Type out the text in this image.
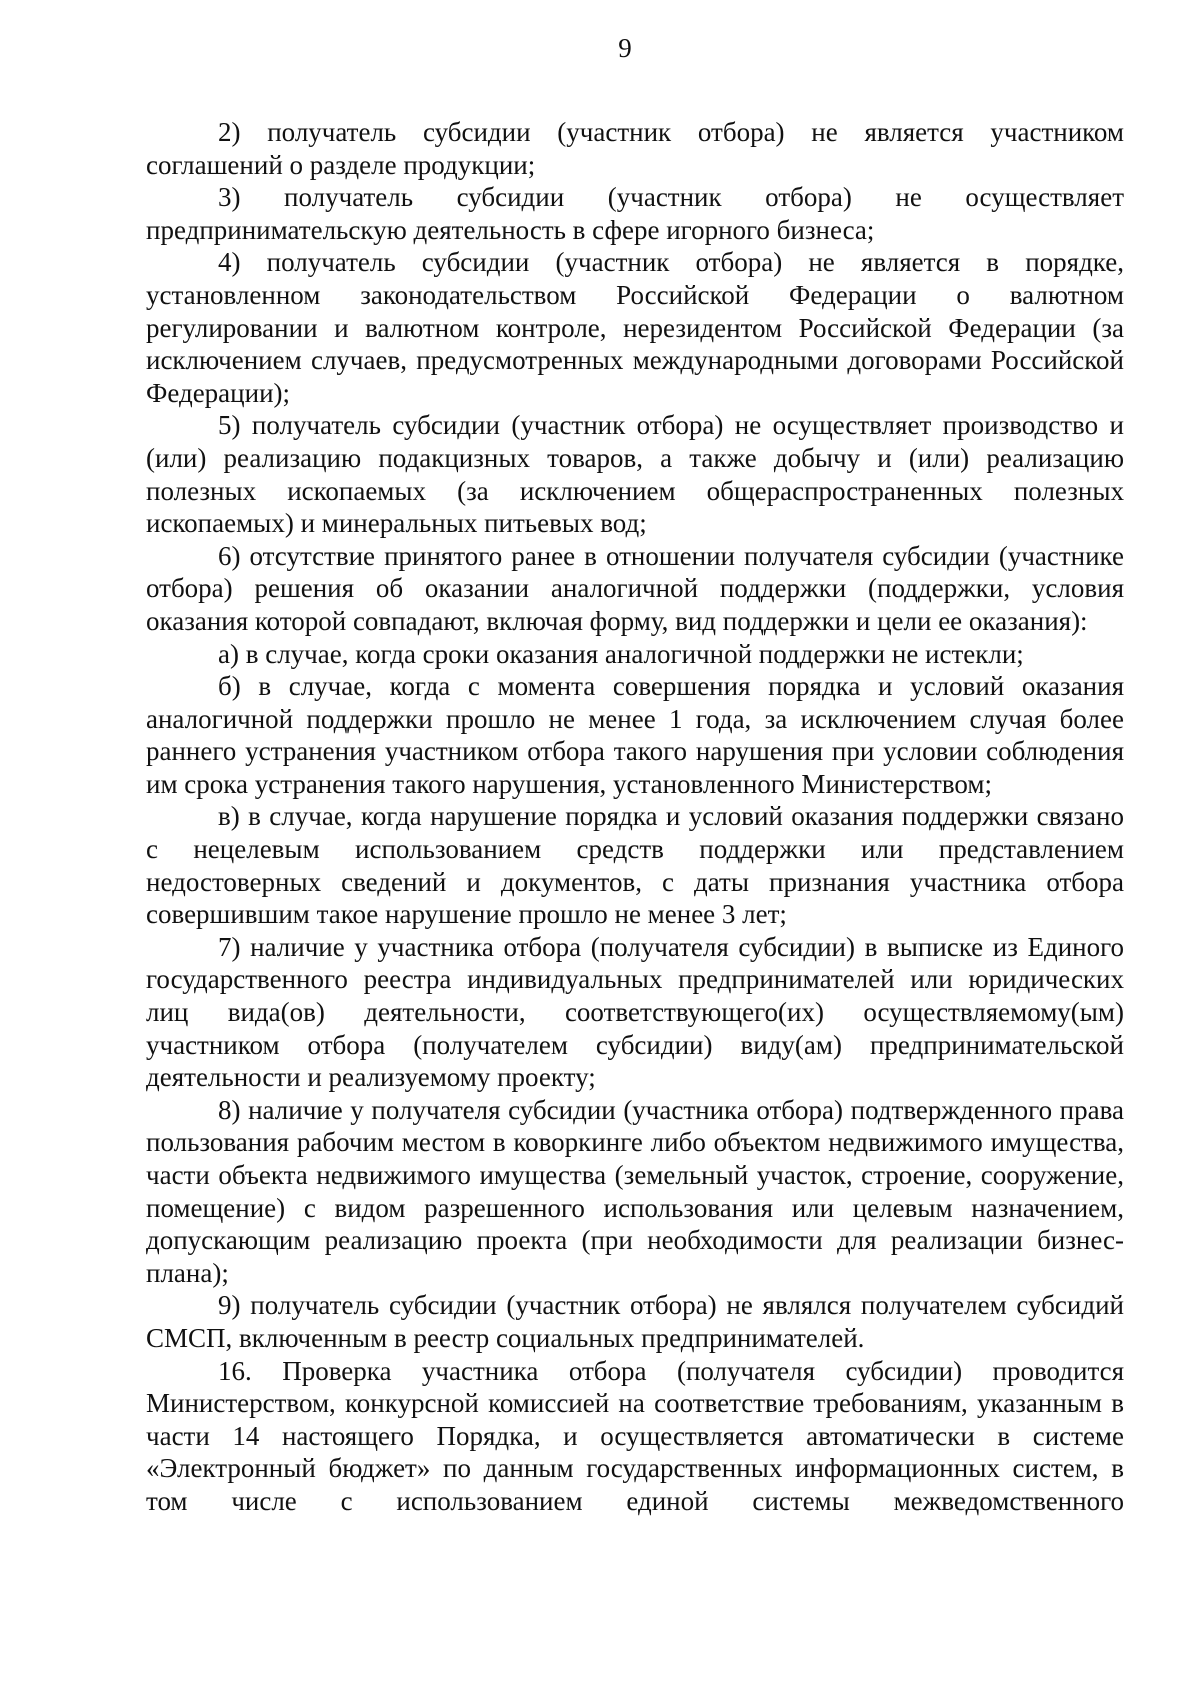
9

2) получатель субсидии (участник отбора) не является участником соглашений о разделе продукции;

3) получатель субсидии (участник отбора) не осуществляет предпринимательскую деятельность в сфере игорного бизнеса;

4) получатель субсидии (участник отбора) не является в порядке, установленном законодательством Российской Федерации о валютном регулировании и валютном контроле, нерезидентом Российской Федерации (за исключением случаев, предусмотренных международными договорами Российской Федерации);

5) получатель субсидии (участник отбора) не осуществляет производство и (или) реализацию подакцизных товаров, а также добычу и (или) реализацию полезных ископаемых (за исключением общераспространенных полезных ископаемых) и минеральных питьевых вод;

6) отсутствие принятого ранее в отношении получателя субсидии (участнике отбора) решения об оказании аналогичной поддержки (поддержки, условия оказания которой совпадают, включая форму, вид поддержки и цели ее оказания):

а) в случае, когда сроки оказания аналогичной поддержки не истекли;

б) в случае, когда с момента совершения порядка и условий оказания аналогичной поддержки прошло не менее 1 года, за исключением случая более раннего устранения участником отбора такого нарушения при условии соблюдения им срока устранения такого нарушения, установленного Министерством;

в) в случае, когда нарушение порядка и условий оказания поддержки связано с нецелевым использованием средств поддержки или представлением недостоверных сведений и документов, с даты признания участника отбора совершившим такое нарушение прошло не менее 3 лет;

7) наличие у участника отбора (получателя субсидии) в выписке из Единого государственного реестра индивидуальных предпринимателей или юридических лиц вида(ов) деятельности, соответствующего(их) осуществляемому(ым) участником отбора (получателем субсидии) виду(ам) предпринимательской деятельности и реализуемому проекту;

8) наличие у получателя субсидии (участника отбора) подтвержденного права пользования рабочим местом в коворкинге либо объектом недвижимого имущества, части объекта недвижимого имущества (земельный участок, строение, сооружение, помещение) с видом разрешенного использования или целевым назначением, допускающим реализацию проекта (при необходимости для реализации бизнес-плана);

9) получатель субсидии (участник отбора) не являлся получателем субсидий СМСП, включенным в реестр социальных предпринимателей.

16. Проверка участника отбора (получателя субсидии) проводится Министерством, конкурсной комиссией на соответствие требованиям, указанным в части 14 настоящего Порядка, и осуществляется автоматически в системе «Электронный бюджет» по данным государственных информационных систем, в том числе с использованием единой системы межведомственного
